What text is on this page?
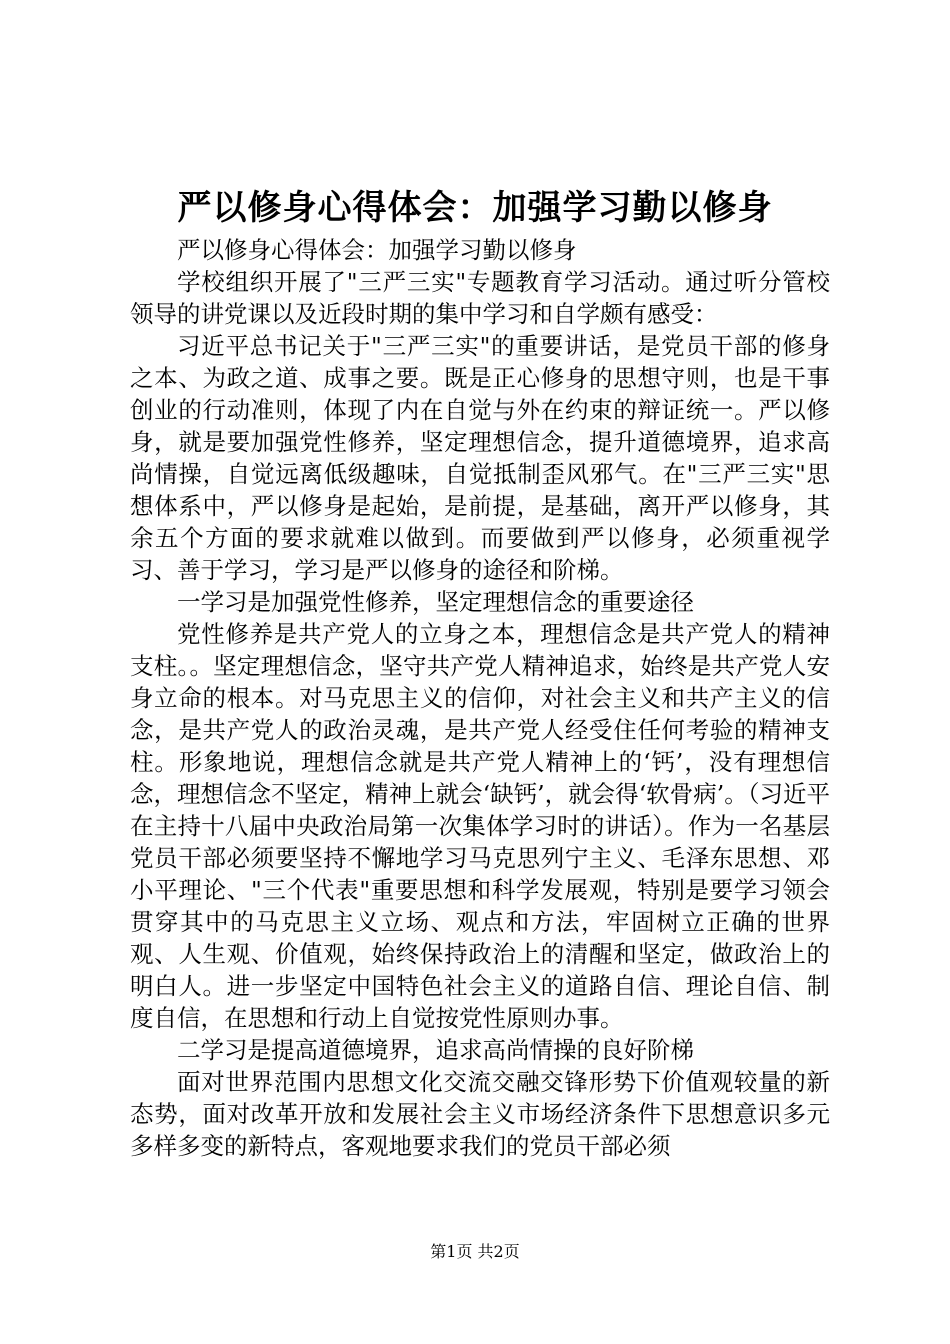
严以修身心得体会：加强学习勤以修身

严以修身心得体会：加强学习勤以修身

学校组织开展了"三严三实"专题教育学习活动。通过听分管校领导的讲党课以及近段时期的集中学习和自学颇有感受：

习近平总书记关于"三严三实"的重要讲话，是党员干部的修身之本、为政之道、成事之要。既是正心修身的思想守则，也是干事创业的行动准则，体现了内在自觉与外在约束的辩证统一。严以修身，就是要加强党性修养，坚定理想信念，提升道德境界，追求高尚情操，自觉远离低级趣味，自觉抵制歪风邪气。在"三严三实"思想体系中，严以修身是起始，是前提，是基础，离开严以修身，其余五个方面的要求就难以做到。而要做到严以修身，必须重视学习、善于学习，学习是严以修身的途径和阶梯。

一学习是加强党性修养，坚定理想信念的重要途径

党性修养是共产党人的立身之本，理想信念是共产党人的精神支柱。。坚定理想信念，坚守共产党人精神追求，始终是共产党人安身立命的根本。对马克思主义的信仰，对社会主义和共产主义的信念，是共产党人的政治灵魂，是共产党人经受住任何考验的精神支柱。形象地说，理想信念就是共产党人精神上的‘钙’，没有理想信念，理想信念不坚定，精神上就会‘缺钙’，就会得‘软骨病’。（习近平在主持十八届中央政治局第一次集体学习时的讲话）。作为一名基层党员干部必须要坚持不懈地学习马克思列宁主义、毛泽东思想、邓小平理论、"三个代表"重要思想和科学发展观，特别是要学习领会贯穿其中的马克思主义立场、观点和方法，牢固树立正确的世界观、人生观、价值观，始终保持政治上的清醒和坚定，做政治上的明白人。进一步坚定中国特色社会主义的道路自信、理论自信、制度自信，在思想和行动上自觉按党性原则办事。

二学习是提高道德境界，追求高尚情操的良好阶梯

面对世界范围内思想文化交流交融交锋形势下价值观较量的新态势，面对改革开放和发展社会主义市场经济条件下思想意识多元多样多变的新特点，客观地要求我们的党员干部必须

第1页 共2页
